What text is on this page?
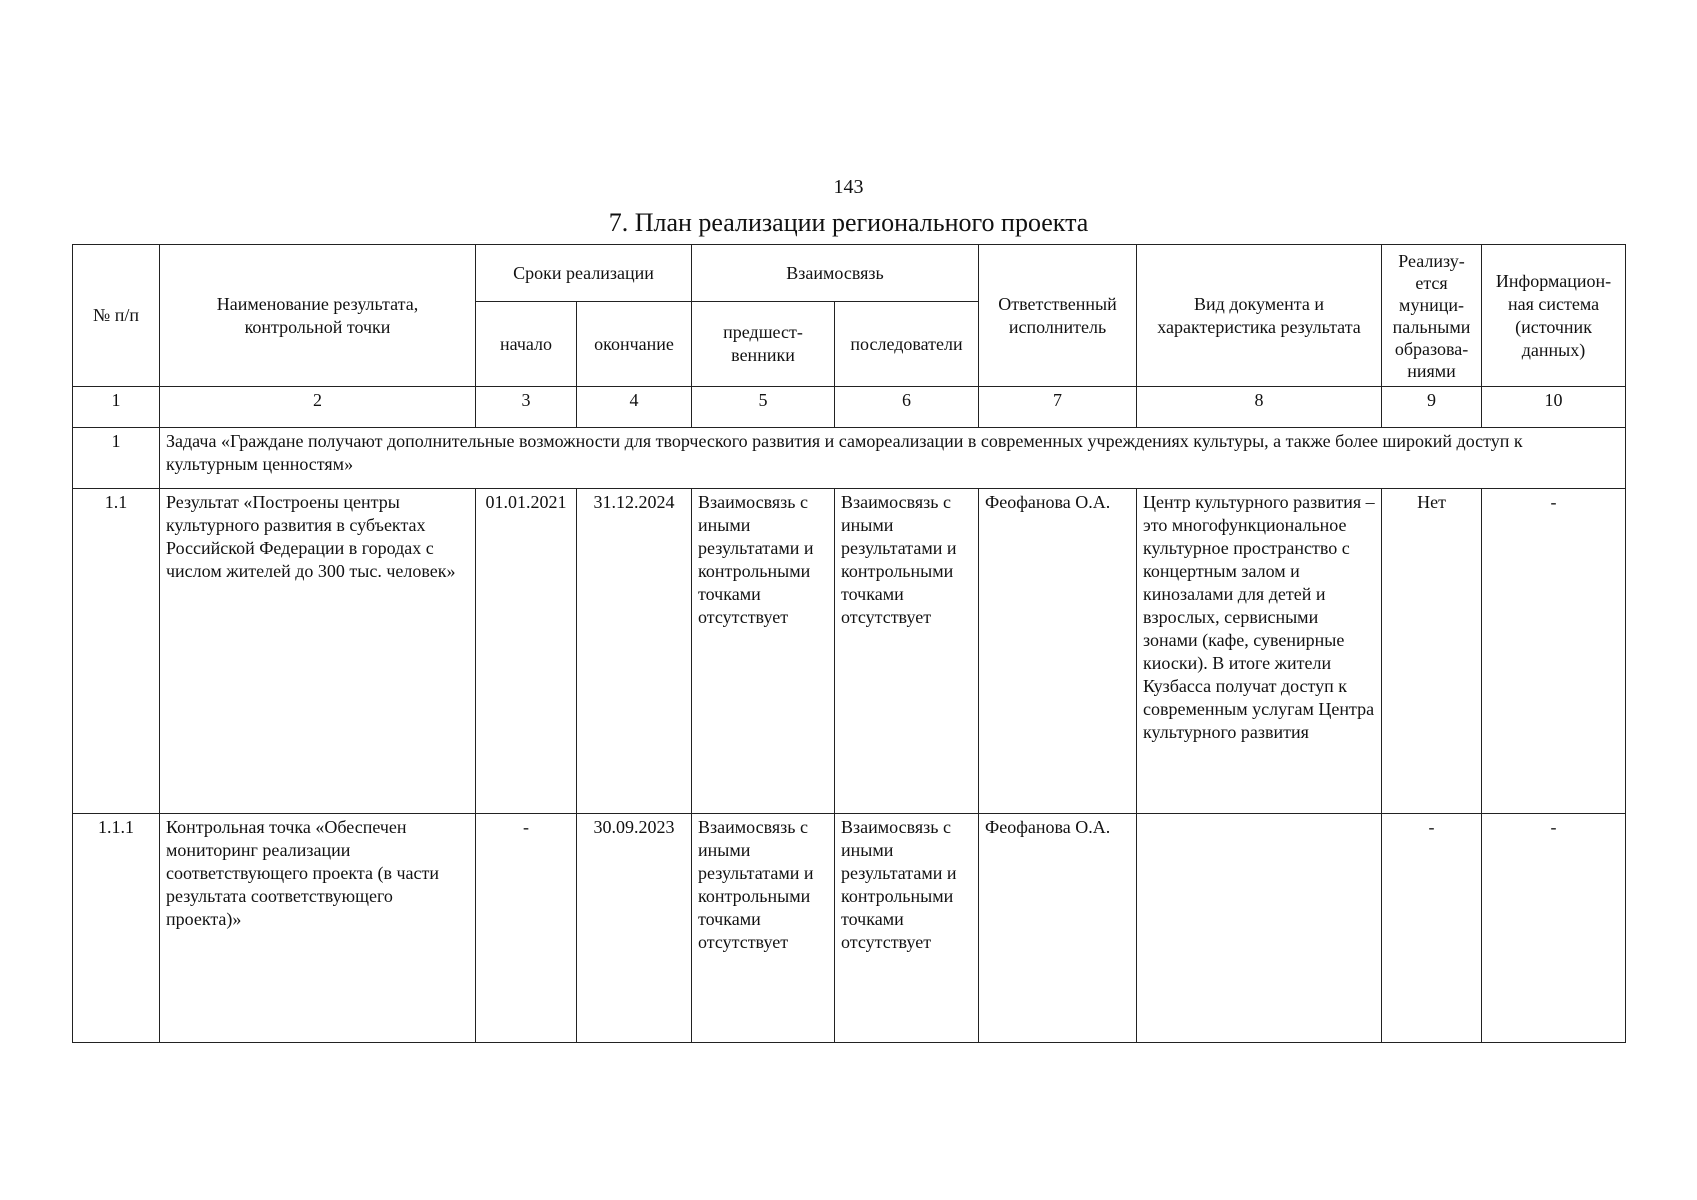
143
7. План реализации регионального проекта
№ п/п	Наименование результата, контрольной точки	Сроки реализации		Взаимосвязь		Ответственный исполнитель	Вид документа и характеристика результата	Реализу-ется муници-пальными образова-ниями	Информацион-ная система (источник данных)
		начало	окончание	предшест-венники	последователи				
1	2	3	4	5	6	7	8	9	10
1	Задача «Граждане получают дополнительные возможности для творческого развития и самореализации в современных учреждениях культуры, а также более широкий доступ к культурным ценностям»								
1.1	Результат «Построены центры культурного развития в субъектах Российской Федерации в городах с числом жителей до 300 тыс. человек»	01.01.2021	31.12.2024	Взаимосвязь с иными результатами и контрольными точками отсутствует	Взаимосвязь с иными результатами и контрольными точками отсутствует	Феофанова О.А.	Центр культурного развития – это многофункциональное культурное пространство с концертным залом и кинозалами для детей и взрослых, сервисными зонами (кафе, сувенирные киоски). В итоге жители Кузбасса получат доступ к современным услугам Центра культурного развития	Нет	-
1.1.1	Контрольная точка «Обеспечен мониторинг реализации соответствующего проекта (в части результата соответствующего проекта)»	-	30.09.2023	Взаимосвязь с иными результатами и контрольными точками отсутствует	Взаимосвязь с иными результатами и контрольными точками отсутствует	Феофанова О.А.		-	-
